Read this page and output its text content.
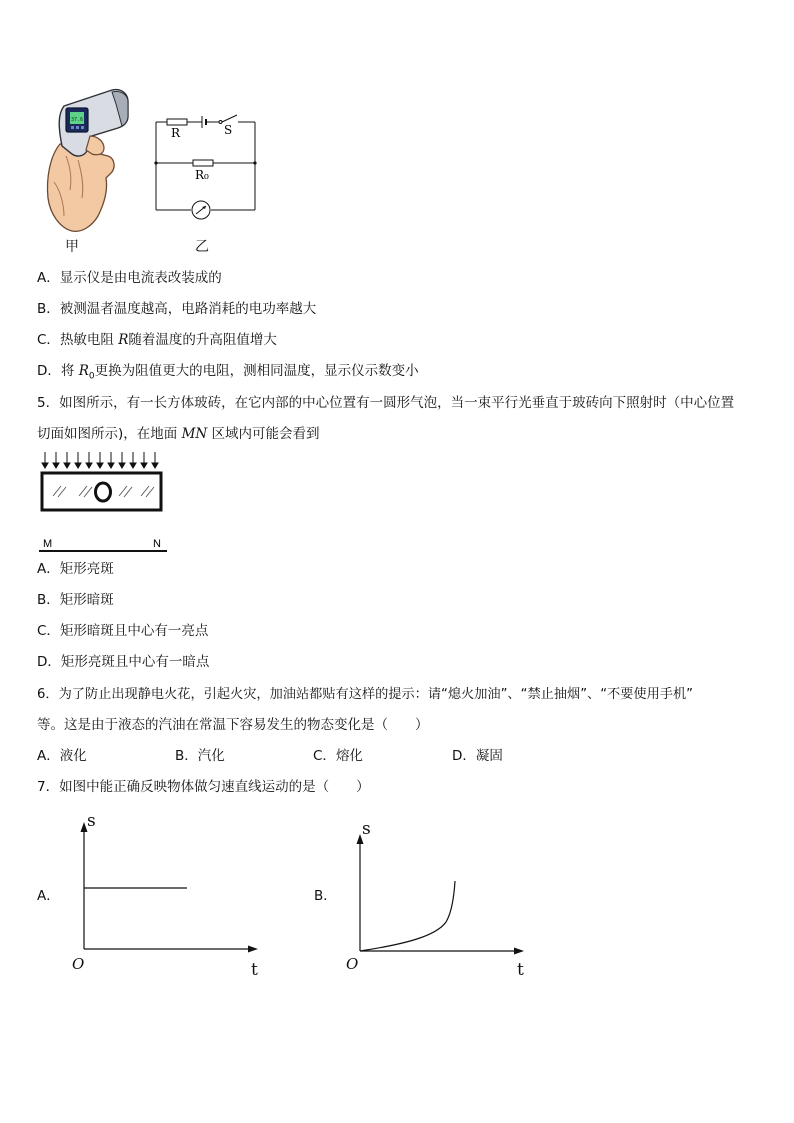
37.6
甲
R	S
R₀
乙
A．显示仪是由电流表改装成的
B．被测温者温度越高，电路消耗的电功率越大
C．热敏电阻 R随着温度的升高阻值增大
D．将 $R_0$更换为阻值更大的电阻，测相同温度，显示仪示数变小
5．如图所示，有一长方体玻砖，在它内部的中心位置有一圆形气泡，当一束平行光垂直于玻砖向下照射时（中心位置
切面如图所示)，在地面 MN 区域内可能会看到
M	N
A．矩形亮斑
B．矩形暗斑
C．矩形暗斑且中心有一亮点
D．矩形亮斑且中心有一暗点
6．为了防止出现静电火花，引起火灾，加油站都贴有这样的提示：请“熄火加油”、“禁止抽烟”、“不要使用手机”
等。这是由于液态的汽油在常温下容易发生的物态变化是（　　）
A．液化	B．汽化	C．熔化	D．凝固
7．如图中能正确反映物体做匀速直线运动的是（　　）
A．
s
t
O
B．
s
t
O
